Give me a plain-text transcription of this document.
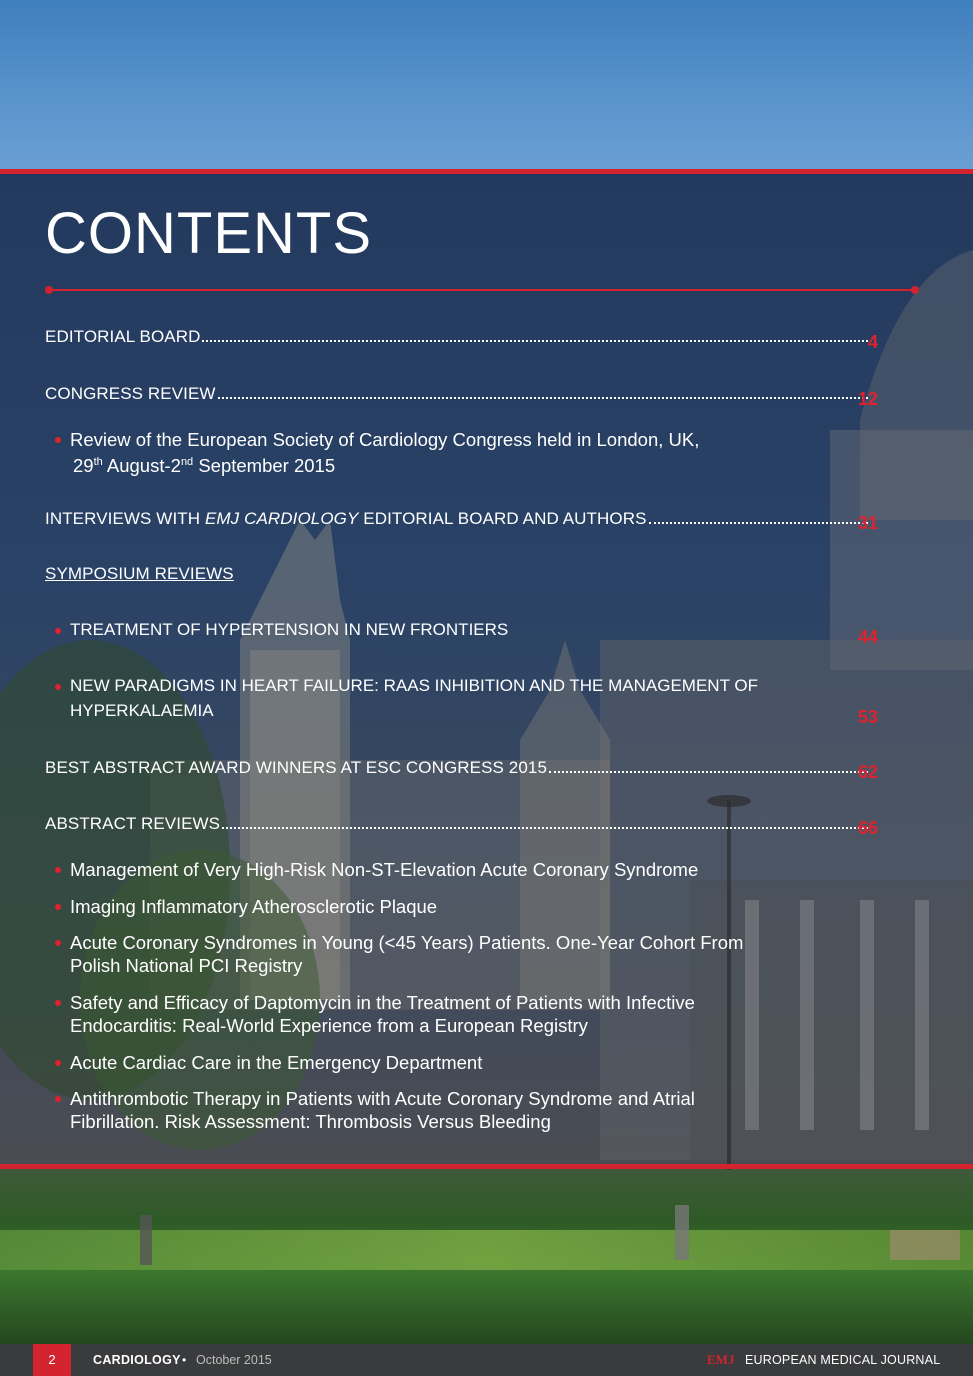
CONTENTS
EDITORIAL BOARD	4
CONGRESS REVIEW	12
Review of the European Society of Cardiology Congress held in London, UK,
29th August-2nd September 2015
INTERVIEWS WITH EMJ CARDIOLOGY EDITORIAL BOARD AND AUTHORS	31
SYMPOSIUM REVIEWS
TREATMENT OF HYPERTENSION IN NEW FRONTIERS	44
NEW PARADIGMS IN HEART FAILURE: RAAS INHIBITION AND THE MANAGEMENT OF
HYPERKALAEMIA	53
BEST ABSTRACT AWARD WINNERS AT ESC CONGRESS 2015	62
ABSTRACT REVIEWS	66
Management of Very High-Risk Non-ST-Elevation Acute Coronary Syndrome
Imaging Inflammatory Atherosclerotic Plaque
Acute Coronary Syndromes in Young (<45 Years) Patients. One-Year Cohort From
Polish National PCI Registry
Safety and Efficacy of Daptomycin in the Treatment of Patients with Infective
Endocarditis: Real-World Experience from a European Registry
Acute Cardiac Care in the Emergency Department
Antithrombotic Therapy in Patients with Acute Coronary Syndrome and Atrial
Fibrillation. Risk Assessment: Thrombosis Versus Bleeding
2	CARDIOLOGY • October 2015	EMJ EUROPEAN MEDICAL JOURNAL
